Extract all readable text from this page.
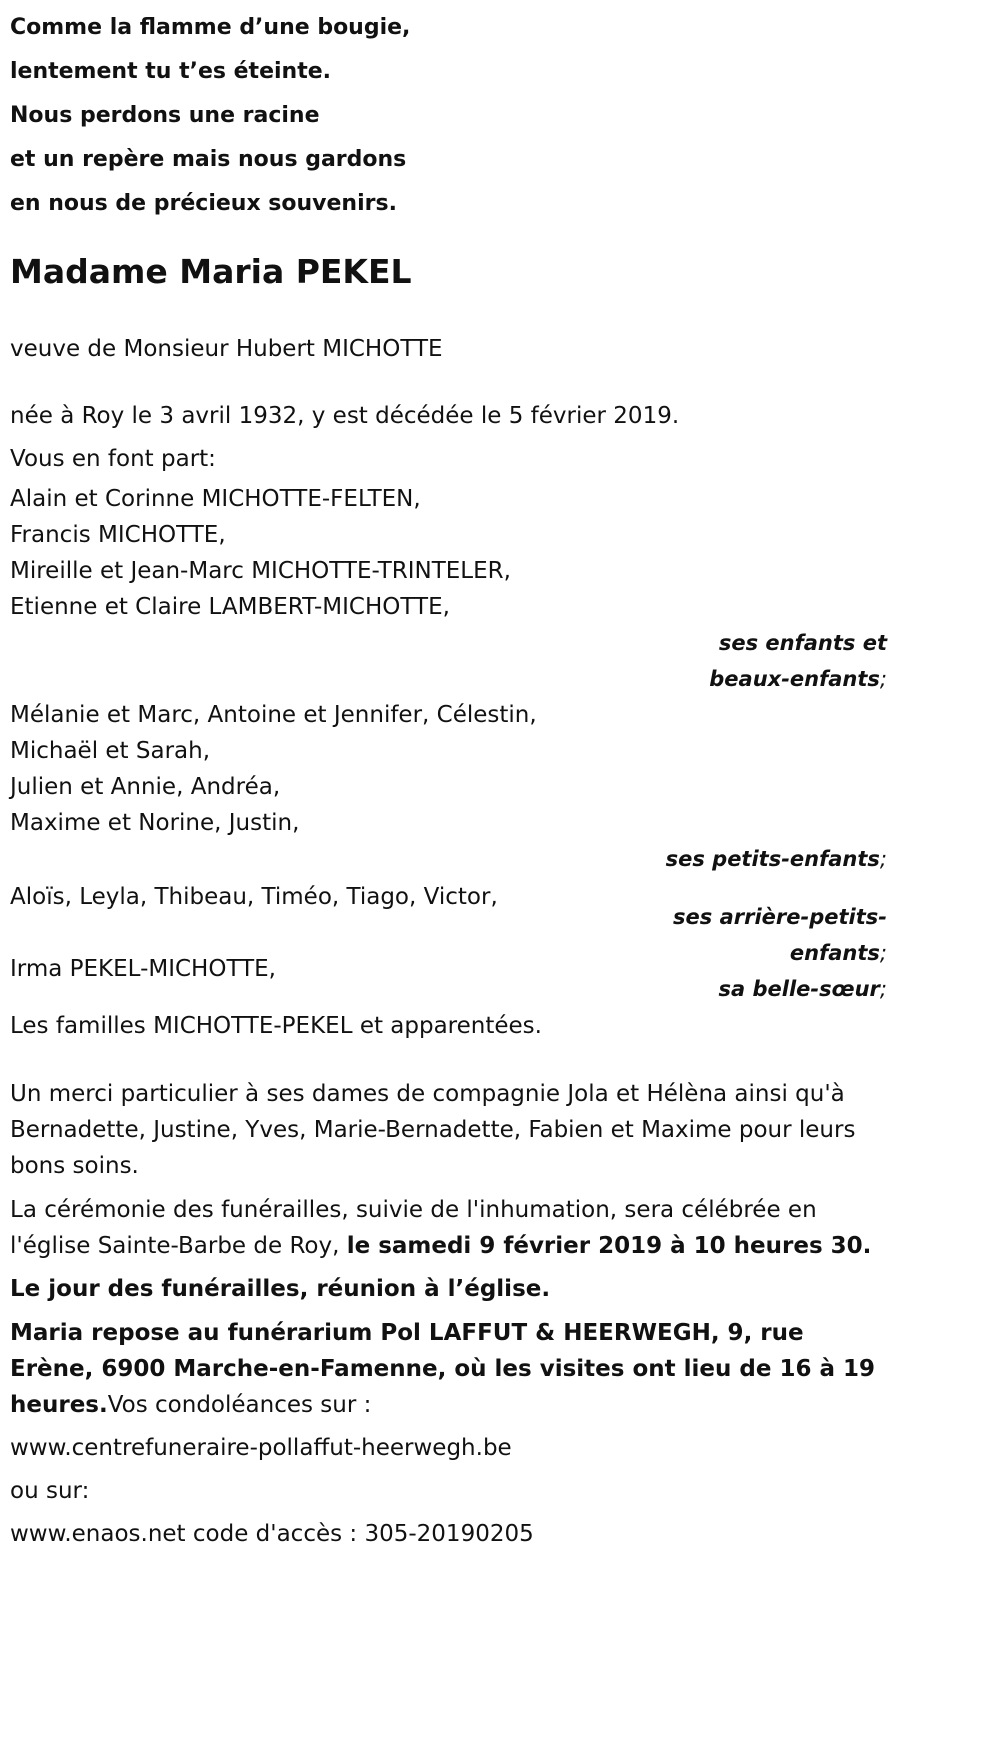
Comme la flamme d’une bougie,

lentement tu t’es éteinte.

Nous perdons une racine

et un repère mais nous gardons

en nous de précieux souvenirs.

Madame Maria PEKEL

veuve de Monsieur Hubert MICHOTTE

née à Roy le 3 avril 1932, y est décédée le 5 février 2019.

Vous en font part:

Alain et Corinne MICHOTTE-FELTEN,
Francis MICHOTTE,
Mireille et Jean-Marc MICHOTTE-TRINTELER,
Etienne et Claire LAMBERT-MICHOTTE,
ses enfants et
beaux-enfants;
Mélanie et Marc, Antoine et Jennifer, Célestin,
Michaël et Sarah,
Julien et Annie, Andréa,
Maxime et Norine, Justin,
ses petits-enfants;
Aloïs, Leyla, Thibeau, Timéo, Tiago, Victor,
ses arrière-petits-
enfants;
Irma PEKEL-MICHOTTE,
sa belle-sœur;

Les familles MICHOTTE-PEKEL et apparentées.

Un merci particulier à ses dames de compagnie Jola et Hélèna ainsi qu'à Bernadette, Justine, Yves, Marie-Bernadette, Fabien et Maxime pour leurs bons soins.

La cérémonie des funérailles, suivie de l'inhumation, sera célébrée en l'église Sainte-Barbe de Roy, le samedi 9 février 2019 à 10 heures 30.

Le jour des funérailles, réunion à l’église.

Maria repose au funérarium Pol LAFFUT & HEERWEGH, 9, rue Erène, 6900 Marche-en-Famenne, où les visites ont lieu de 16 à 19 heures.Vos condoléances sur :

www.centrefuneraire-pollaffut-heerwegh.be

ou sur:

www.enaos.net code d'accès : 305-20190205
